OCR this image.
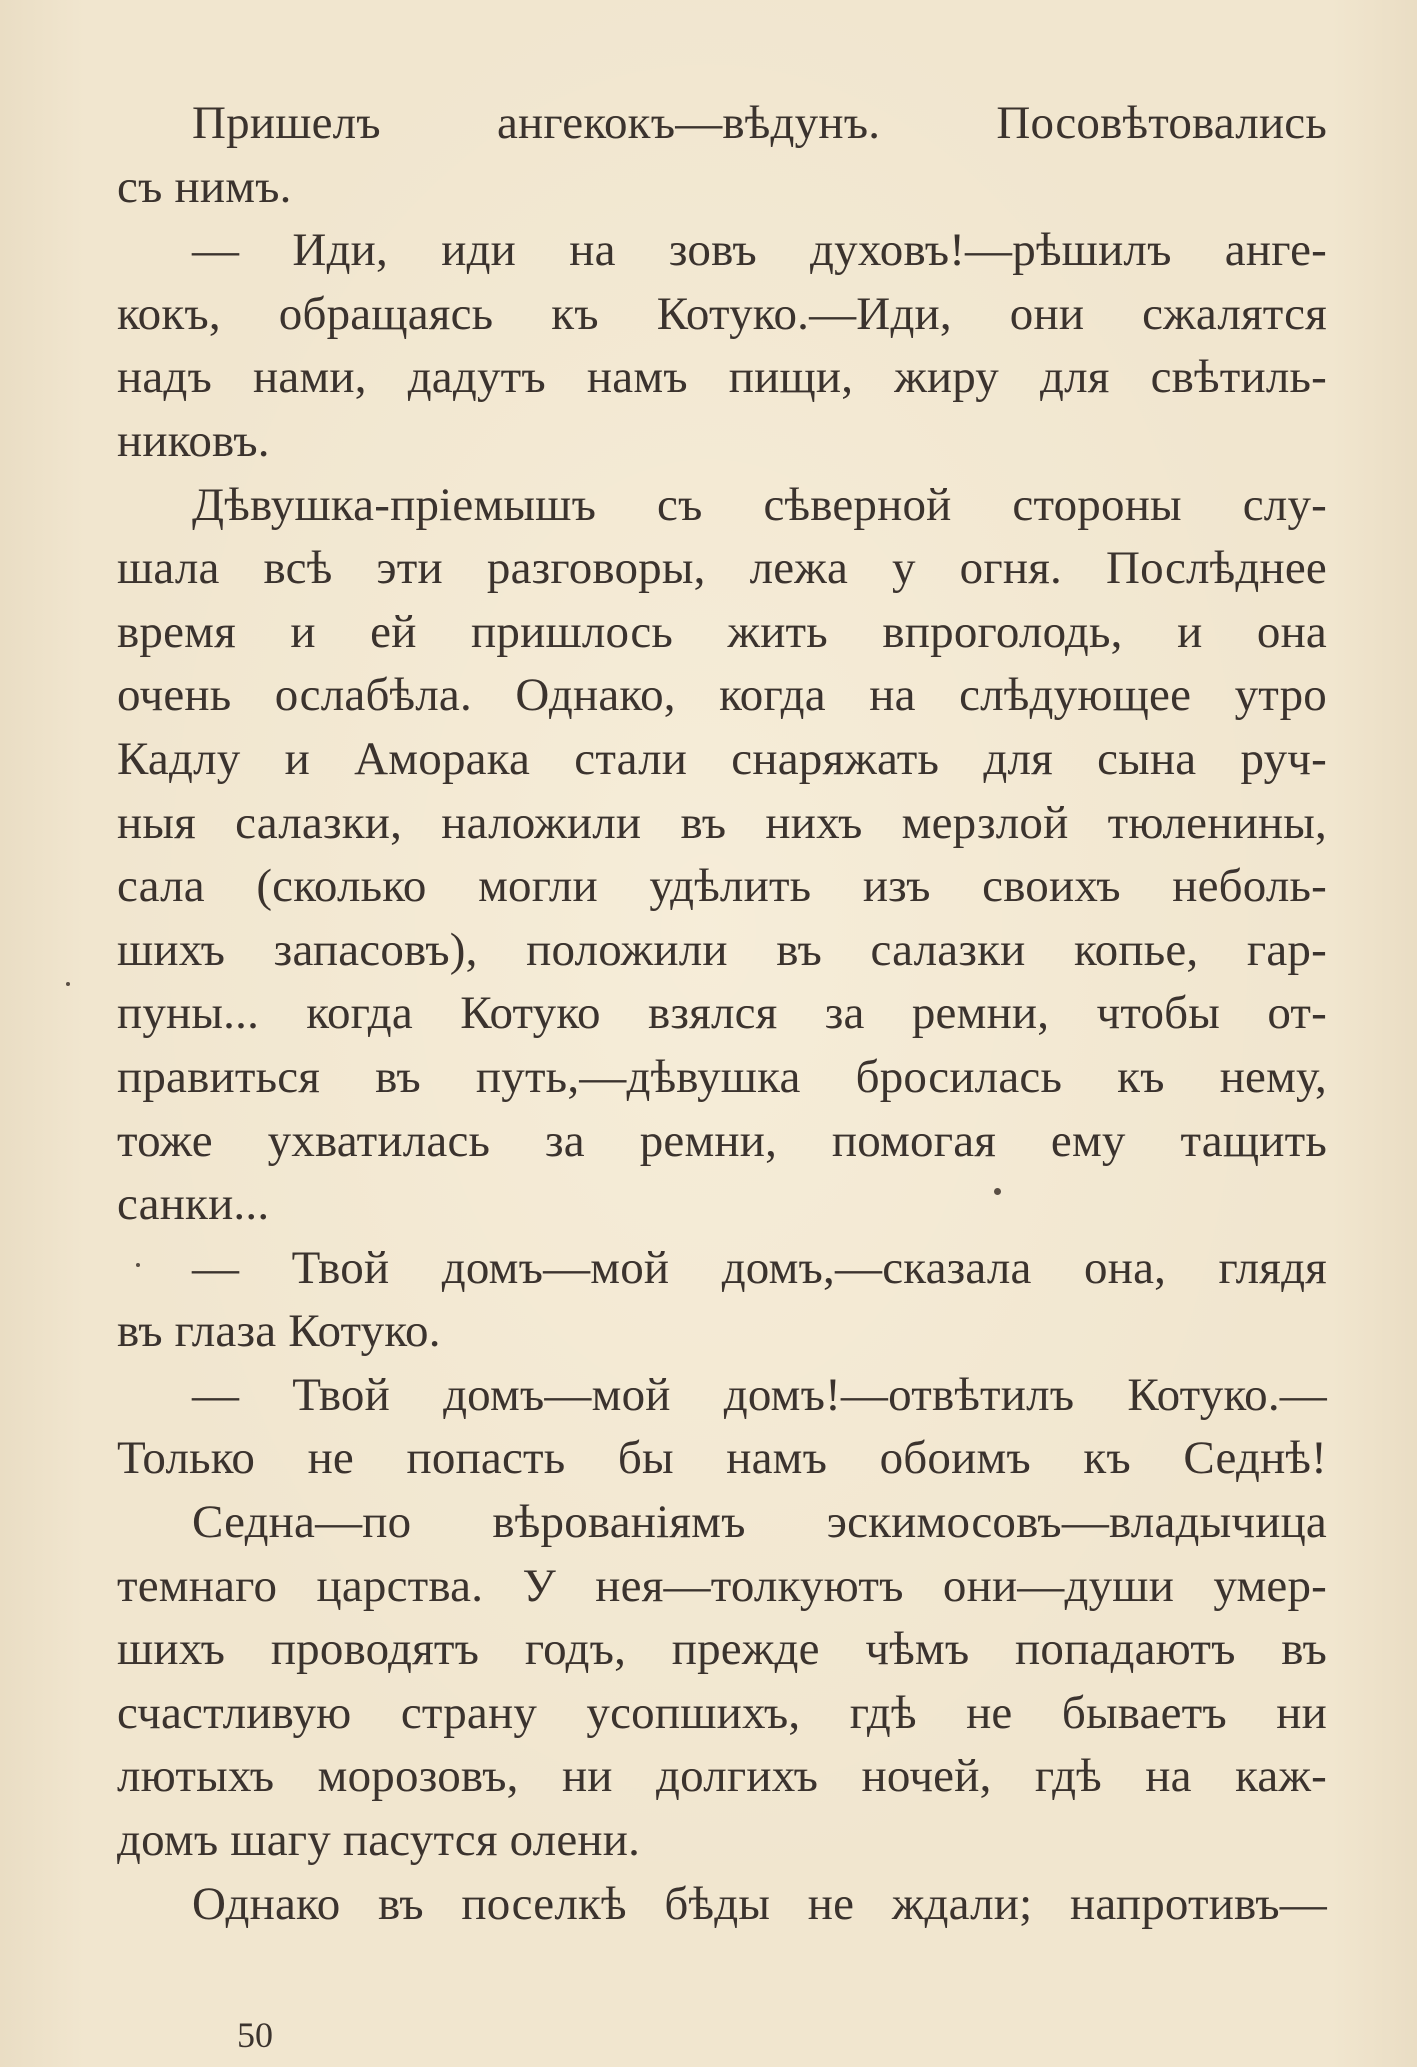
Пришелъ ангекокъ—вѣдунъ. Посовѣтовались
съ нимъ.
— Иди, иди на зовъ духовъ!—рѣшилъ анге-
кокъ, обращаясь къ Котуко.—Иди, они сжалятся
надъ нами, дадутъ намъ пищи, жиру для свѣтиль-
никовъ.
Дѣвушка-пріемышъ съ сѣверной стороны слу-
шала всѣ эти разговоры, лежа у огня. Послѣднее
время и ей пришлось жить впроголодь, и она
очень ослабѣла. Однако, когда на слѣдующее утро
Кадлу и Аморака стали снаряжать для сына руч-
ныя салазки, наложили въ нихъ мерзлой тюленины,
сала (сколько могли удѣлить изъ своихъ неболь-
шихъ запасовъ), положили въ салазки копье, гар-
пуны... когда Котуко взялся за ремни, чтобы от-
правиться въ путь,—дѣвушка бросилась къ нему,
тоже ухватилась за ремни, помогая ему тащить
санки...
— Твой домъ—мой домъ,—сказала она, глядя
въ глаза Котуко.
— Твой домъ—мой домъ!—отвѣтилъ Котуко.—
Только не попасть бы намъ обоимъ къ Седнѣ!
Седна—по вѣрованіямъ эскимосовъ—владычица
темнаго царства. У нея—толкуютъ они—души умер-
шихъ проводятъ годъ, прежде чѣмъ попадаютъ въ
счастливую страну усопшихъ, гдѣ не бываетъ ни
лютыхъ морозовъ, ни долгихъ ночей, гдѣ на каж-
домъ шагу пасутся олени.
Однако въ поселкѣ бѣды не ждали; напротивъ—
50
